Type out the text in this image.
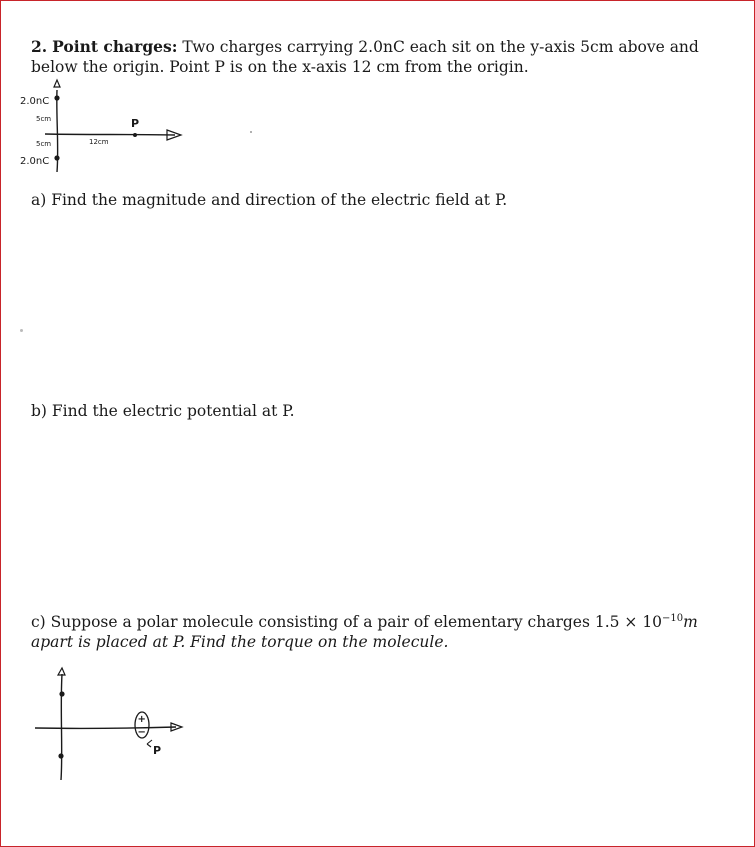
2. Point charges: Two charges carrying 2.0nC each sit on the y-axis 5cm above and below the origin. Point P is on the x-axis 12 cm from the origin.
2.0nC
2.0nC
5cm
5cm	12cm
P
a) Find the magnitude and direction of the electric field at P.
b) Find the electric potential at P.
c) Suppose a polar molecule consisting of a pair of elementary charges $1.5 \times 10^{-10}m$ apart is placed at P. Find the torque on the molecule.
+
−
P
